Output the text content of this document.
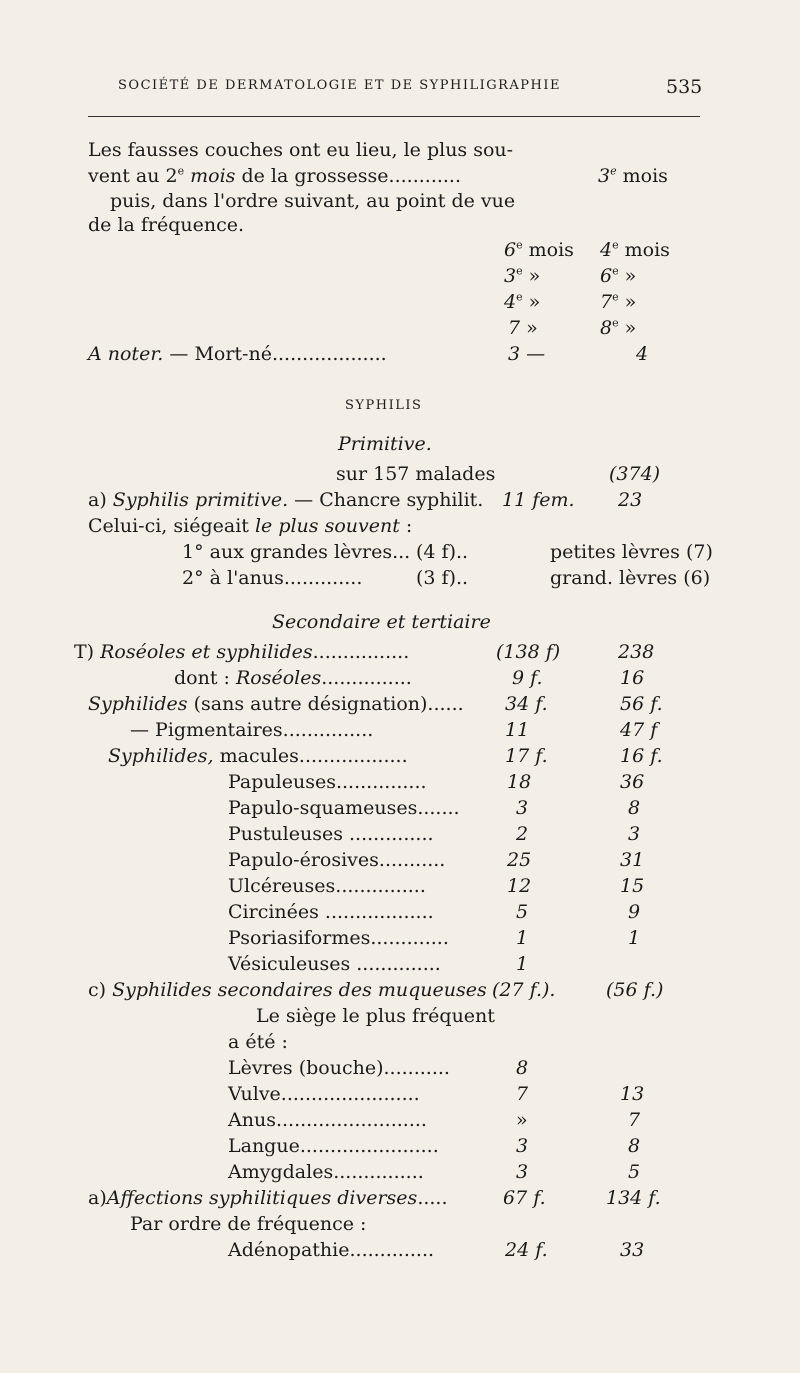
SOCIÉTÉ DE DERMATOLOGIE ET DE SYPHILIGRAPHIE	535
Les fausses couches ont eu lieu, le plus sou-
vent au 2e mois de la grossesse............	3e mois
puis, dans l'ordre suivant, au point de vue
de la fréquence.
6e mois 4e mois
3e »	6e »
4e »	7e »
7 »	8e »
A noter. — Mort-né...................	3 —	4
SYPHILIS
Primitive.
sur 157 malades	(374)
a) Syphilis primitive. — Chancre syphilit. 11 fem. 23
Celui-ci, siégeait le plus souvent :
1° aux grandes lèvres... (4 f)..	petites lèvres (7)
2° à l'anus.............	(3 f)..	grand. lèvres (6)
Secondaire et tertiaire
T) Roséoles et syphilides................	(138 f)	238
dont : Roséoles...............	9 f.	16
Syphilides (sans autre désignation)...... 34 f.	56 f.
— Pigmentaires...............	11	47 f
Syphilides, macules..................	17 f.	16 f.
Papuleuses...............	18	36
Papulo-squameuses.......	3	8
Pustuleuses ..............	2	3
Papulo-érosives...........	25	31
Ulcéreuses...............	12	15
Circinées ..................	5	9
Psoriasiformes.............	1	1
Vésiculeuses ..............	1
c) Syphilides secondaires des muqueuses (27 f.).	(56 f.)
Le siège le plus fréquent
a été :
Lèvres (bouche)...........	8
Vulve.......................	7	13
Anus.........................	»	7
Langue.......................	3	8
Amygdales...............	3	5
a)Affections syphilitiques diverses.....	67 f.	134 f.
Par ordre de fréquence :
Adénopathie..............	24 f.	33
